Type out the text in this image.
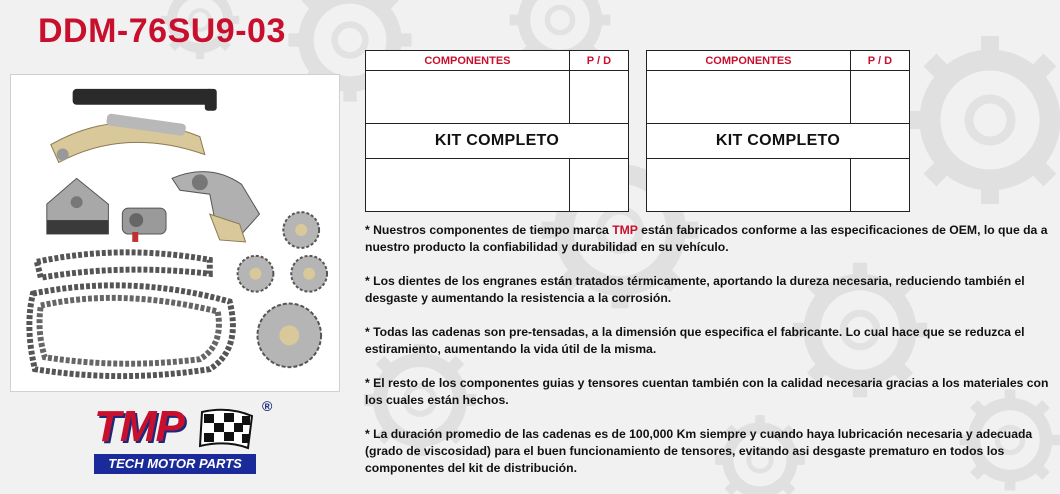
DDM-76SU9-03
TMP	®
TECH MOTOR PARTS
COMPONENTES	P / D

KIT COMPLETO	

COMPONENTES	P / D

KIT COMPLETO	

* Nuestros componentes de tiempo marca TMP están fabricados conforme a las especificaciones de OEM, lo que da a nuestro producto la confiabilidad y durabilidad en su vehículo.

* Los dientes de los engranes están tratados térmicamente, aportando la dureza necesaria, reduciendo también el desgaste y aumentando la resistencia a la corrosión.

* Todas las cadenas son pre-tensadas, a la dimensión que especifica el fabricante. Lo cual hace que se reduzca el estiramiento, aumentando la vida útil de la misma.

* El resto de los componentes guias y tensores cuentan también con la calidad necesaria gracias a los materiales con los cuales están hechos.

* La duración promedio de las cadenas es de 100,000 Km siempre y cuando haya lubricación necesaria y adecuada (grado de viscosidad) para el buen funcionamiento de tensores, evitando asi desgaste prematuro en todos los componentes del kit de distribución.
